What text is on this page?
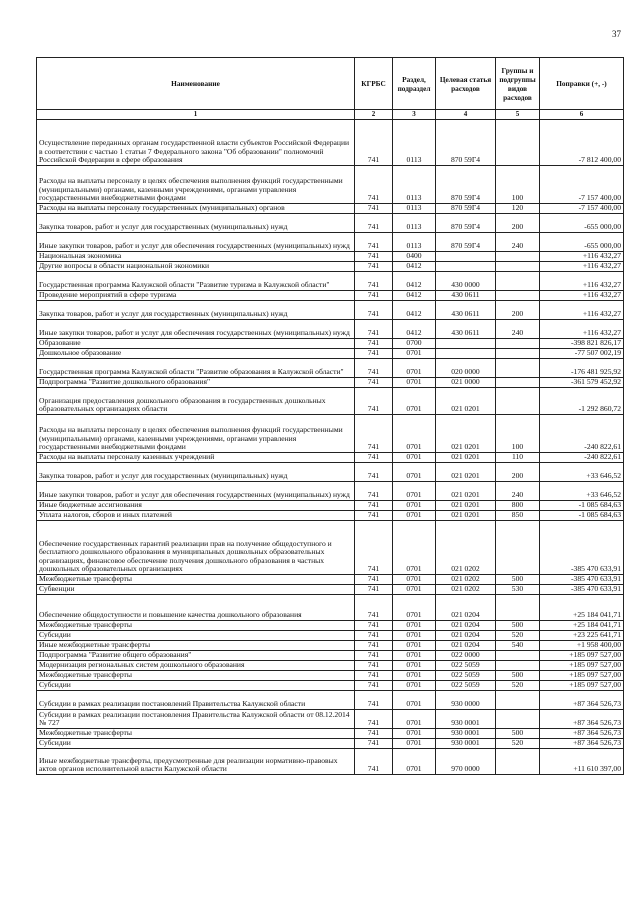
37
Наименование	КГРБС	Раздел, подраздел	Целевая статья расходов	Группы и подгруппы видов расходов	Поправки (+, -)
1	2	3	4	5	6
Осуществление переданных органам государственной власти субъектов Российской Федерации в соответствии с частью 1 статьи 7 Федерального закона "Об образовании" полномочий Российской Федерации в сфере образования	741	0113	870 59Г4		-7 812 400,00
Расходы на выплаты персоналу в целях обеспечения выполнения функций государственными (муниципальными) органами, казенными учреждениями, органами управления государственными внебюджетными фондами	741	0113	870 59Г4	100	-7 157 400,00
Расходы на выплаты персоналу государственных (муниципальных) органов	741	0113	870 59Г4	120	-7 157 400,00
Закупка товаров, работ и услуг для государственных (муниципальных) нужд	741	0113	870 59Г4	200	-655 000,00
Иные закупки товаров, работ и услуг для обеспечения государственных (муниципальных) нужд	741	0113	870 59Г4	240	-655 000,00
Национальная экономика	741	0400			+116 432,27
Другие вопросы в области национальной экономики	741	0412			+116 432,27
Государственная программа Калужской области "Развитие туризма в Калужской области"	741	0412	430 0000		+116 432,27
Проведение мероприятий в сфере туризма	741	0412	430 0611		+116 432,27
Закупка товаров, работ и услуг для государственных (муниципальных) нужд	741	0412	430 0611	200	+116 432,27
Иные закупки товаров, работ и услуг для обеспечения государственных (муниципальных) нужд	741	0412	430 0611	240	+116 432,27
Образование	741	0700			-398 821 826,17
Дошкольное образование	741	0701			-77 507 002,19
Государственная программа Калужской области "Развитие образования в Калужской области"	741	0701	020 0000		-176 481 925,92
Подпрограмма "Развитие дошкольного образования"	741	0701	021 0000		-361 579 452,92
Организация предоставления дошкольного образования в государственных дошкольных образовательных организациях области	741	0701	021 0201		-1 292 860,72
Расходы на выплаты персоналу в целях обеспечения выполнения функций государственными (муниципальными) органами, казенными учреждениями, органами управления государственными внебюджетными фондами	741	0701	021 0201	100	-240 822,61
Расходы на выплаты персоналу казенных учреждений	741	0701	021 0201	110	-240 822,61
Закупка товаров, работ и услуг для государственных (муниципальных) нужд	741	0701	021 0201	200	+33 646,52
Иные закупки товаров, работ и услуг для обеспечения государственных (муниципальных) нужд	741	0701	021 0201	240	+33 646,52
Иные бюджетные ассигнования	741	0701	021 0201	800	-1 085 684,63
Уплата налогов, сборов и иных платежей	741	0701	021 0201	850	-1 085 684,63
Обеспечение государственных гарантий реализации прав на получение общедоступного и бесплатного дошкольного образования в муниципальных дошкольных образовательных организациях, финансовое обеспечение получения дошкольного образования в частных дошкольных образовательных организациях	741	0701	021 0202		-385 470 633,91
Межбюджетные трансферты	741	0701	021 0202	500	-385 470 633,91
Субвенции	741	0701	021 0202	530	-385 470 633,91
Обеспечение общедоступности и повышение качества дошкольного образования	741	0701	021 0204		+25 184 041,71
Межбюджетные трансферты	741	0701	021 0204	500	+25 184 041,71
Субсидии	741	0701	021 0204	520	+23 225 641,71
Иные межбюджетные трансферты	741	0701	021 0204	540	+1 958 400,00
Подпрограмма "Развитие общего образования"	741	0701	022 0000		+185 097 527,00
Модернизация региональных систем дошкольного образования	741	0701	022 5059		+185 097 527,00
Межбюджетные трансферты	741	0701	022 5059	500	+185 097 527,00
Субсидии	741	0701	022 5059	520	+185 097 527,00
Субсидии в рамках реализации постановлений Правительства Калужской области	741	0701	930 0000		+87 364 526,73
Субсидии в рамках реализации постановления Правительства Калужской области от 08.12.2014 № 727	741	0701	930 0001		+87 364 526,73
Межбюджетные трансферты	741	0701	930 0001	500	+87 364 526,73
Субсидии	741	0701	930 0001	520	+87 364 526,73
Иные межбюджетные трансферты, предусмотренные для реализации нормативно-правовых актов органов исполнительной власти Калужской области	741	0701	970 0000		+11 610 397,00
